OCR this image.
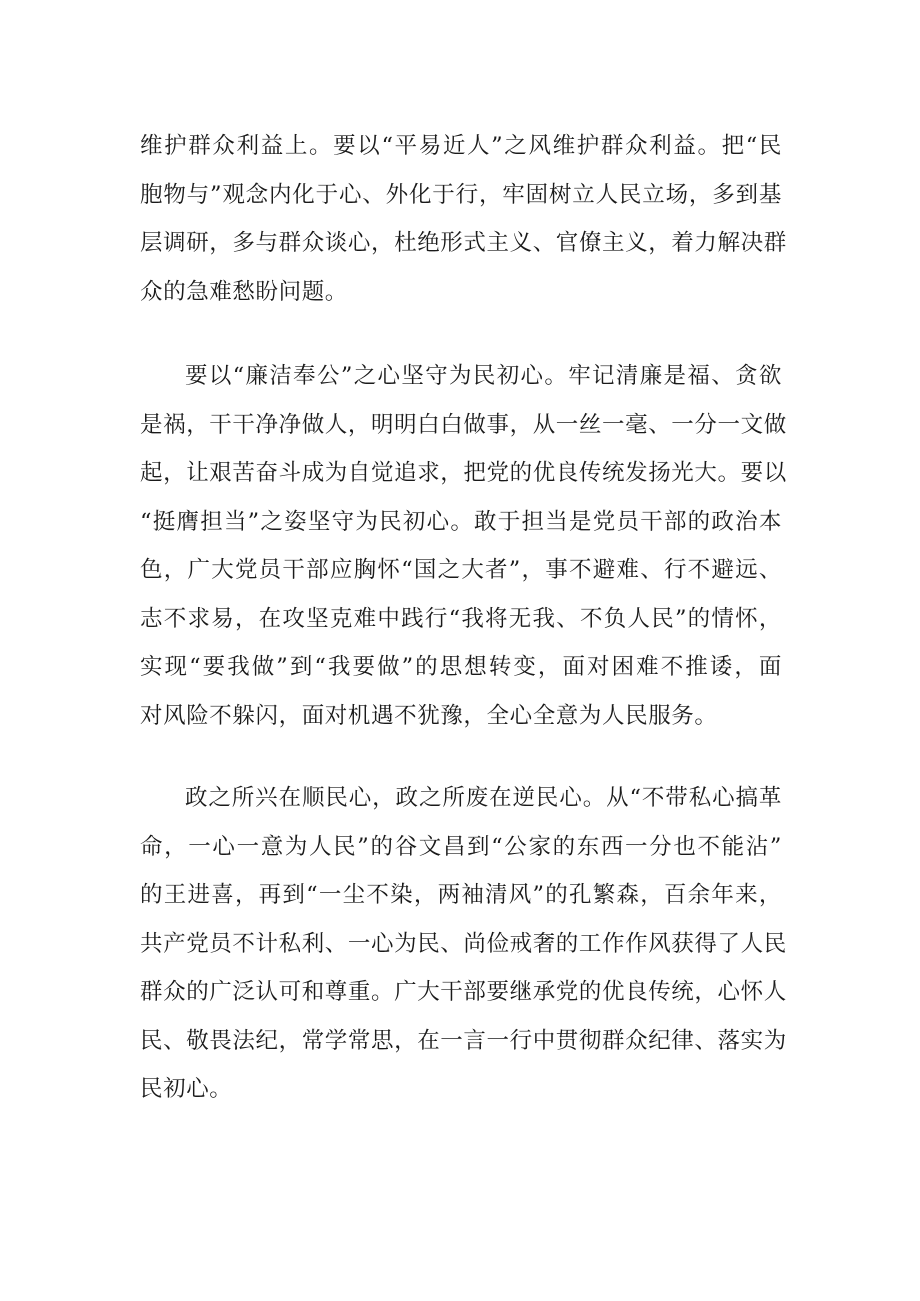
维护群众利益上。要以“平易近人”之风维护群众利益。把“民
胞物与”观念内化于心、外化于行，牢固树立人民立场，多到基
层调研，多与群众谈心，杜绝形式主义、官僚主义，着力解决群
众的急难愁盼问题。
要以“廉洁奉公”之心坚守为民初心。牢记清廉是福、贪欲
是祸，干干净净做人，明明白白做事，从一丝一毫、一分一文做
起，让艰苦奋斗成为自觉追求，把党的优良传统发扬光大。要以
“挺膺担当”之姿坚守为民初心。敢于担当是党员干部的政治本
色，广大党员干部应胸怀“国之大者”，事不避难、行不避远、
志不求易，在攻坚克难中践行“我将无我、不负人民”的情怀，
实现“要我做”到“我要做”的思想转变，面对困难不推诿，面
对风险不躲闪，面对机遇不犹豫，全心全意为人民服务。
政之所兴在顺民心，政之所废在逆民心。从“不带私心搞革
命，一心一意为人民”的谷文昌到“公家的东西一分也不能沾”
的王进喜，再到“一尘不染，两袖清风”的孔繁森，百余年来，
共产党员不计私利、一心为民、尚俭戒奢的工作作风获得了人民
群众的广泛认可和尊重。广大干部要继承党的优良传统，心怀人
民、敬畏法纪，常学常思，在一言一行中贯彻群众纪律、落实为
民初心。
